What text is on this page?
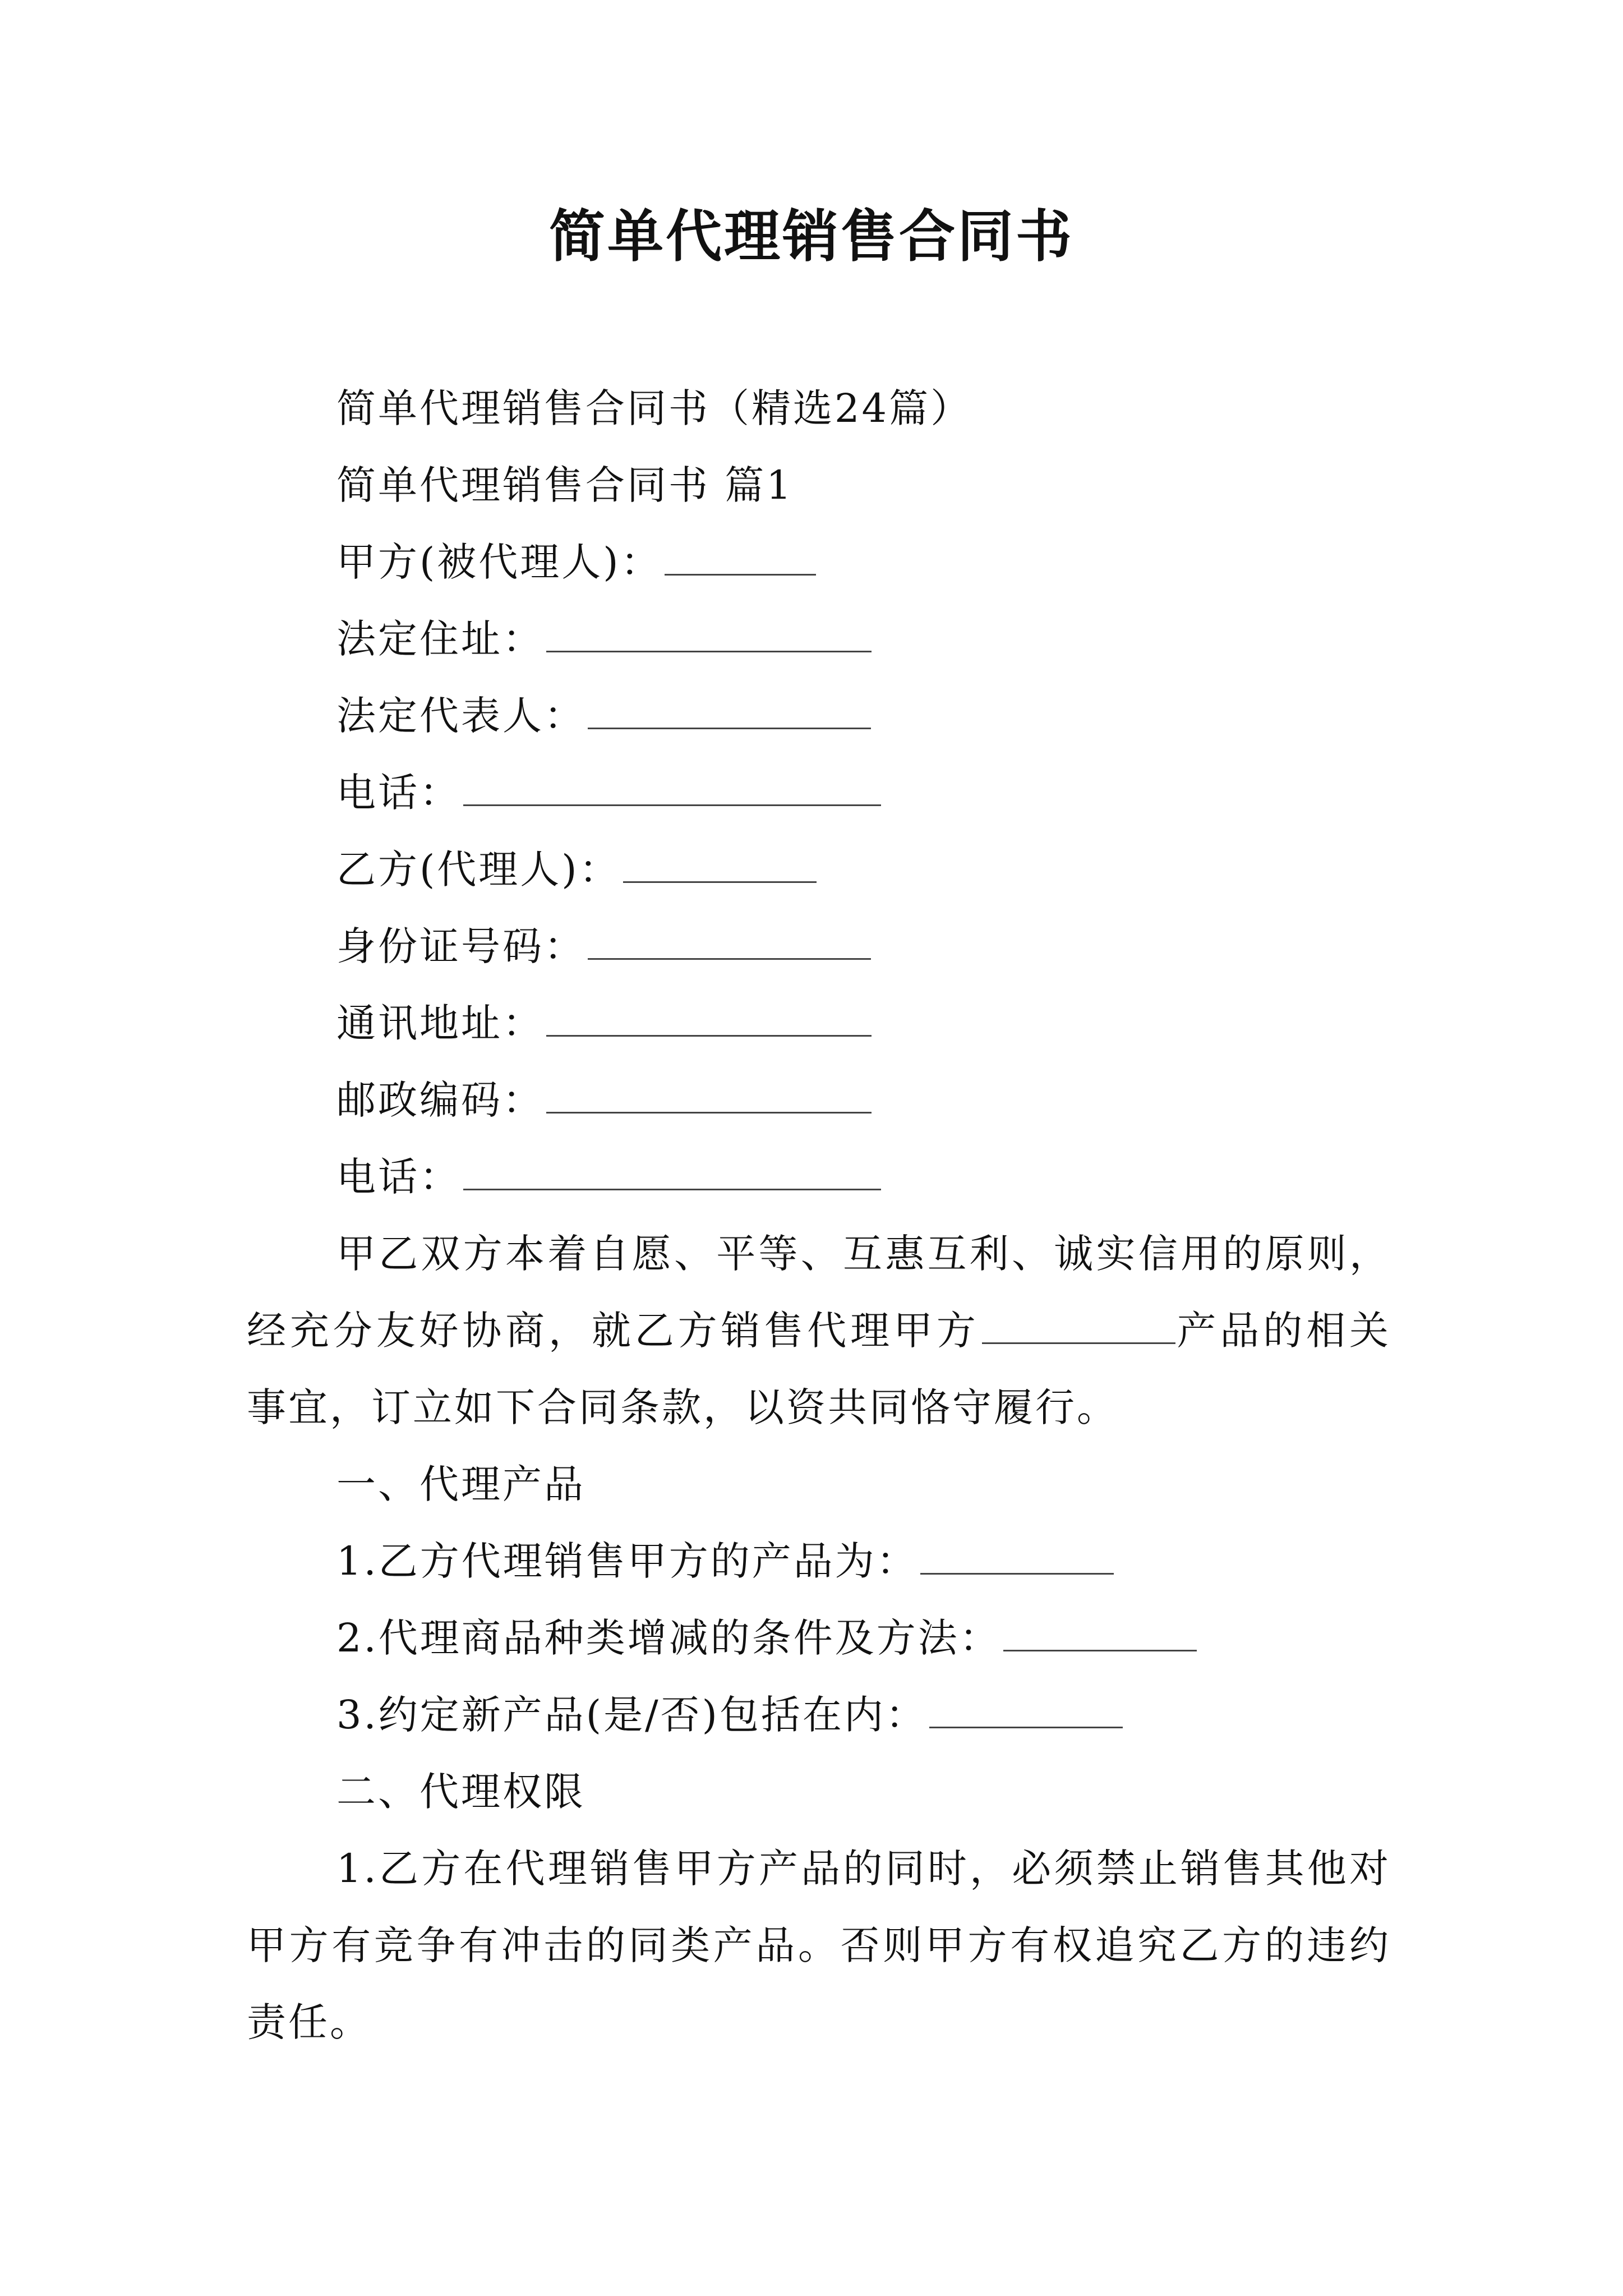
简单代理销售合同书
简单代理销售合同书（精选24篇）
简单代理销售合同书 篇1
甲方(被代理人)：
法定住址：
法定代表人：
电话：
乙方(代理人)：
身份证号码：
通讯地址：
邮政编码：
电话：
甲乙双方本着自愿、平等、互惠互利、诚实信用的原则，经充分友好协商，就乙方销售代理甲方	产品的相关事宜，订立如下合同条款，以资共同恪守履行。
一、代理产品
1.乙方代理销售甲方的产品为：
2.代理商品种类增减的条件及方法：
3.约定新产品(是/否)包括在内：
二、代理权限
1.乙方在代理销售甲方产品的同时，必须禁止销售其他对甲方有竞争有冲击的同类产品。否则甲方有权追究乙方的违约责任。
